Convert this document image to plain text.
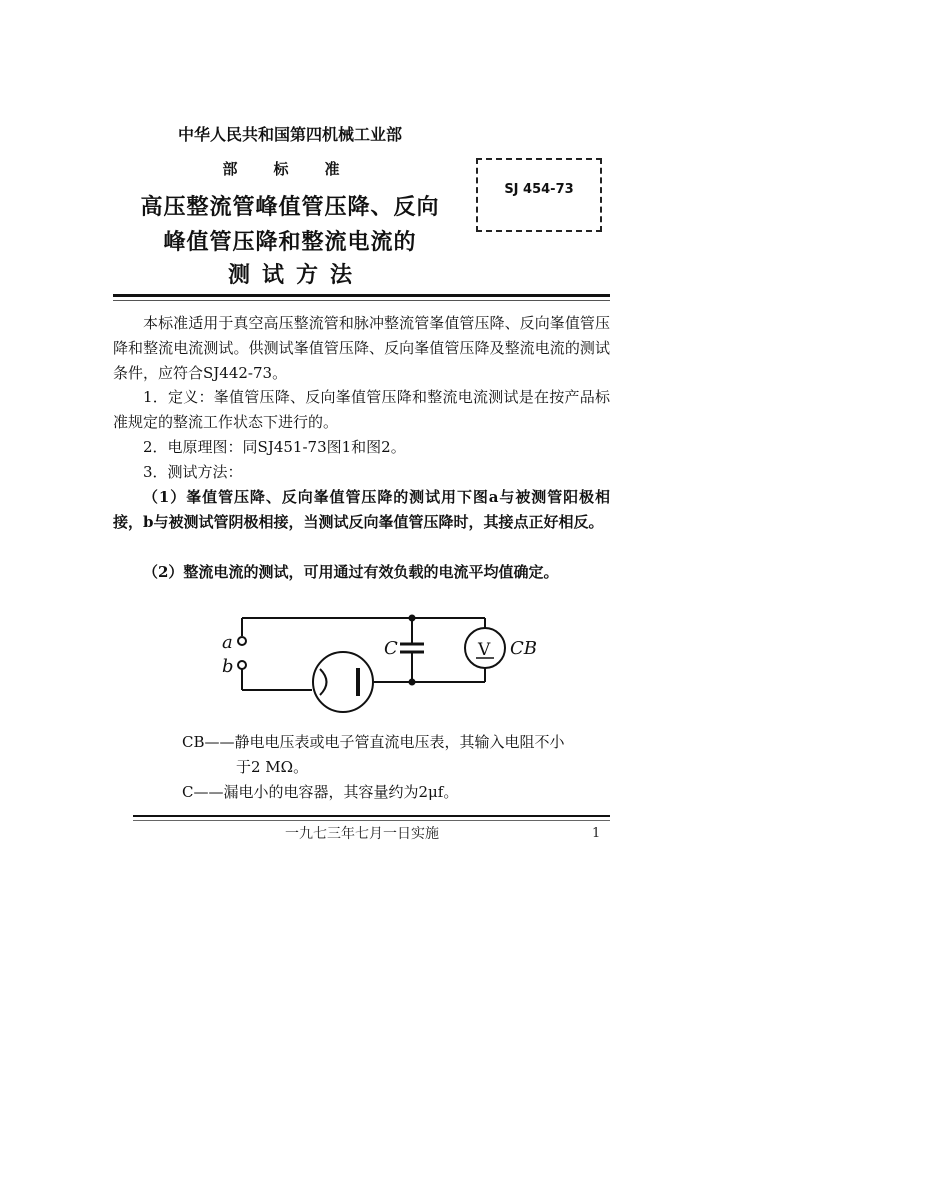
中华人民共和国第四机械工业部
部标准
高压整流管峰值管压降、反向
峰值管压降和整流电流的
测试方法
SJ 454-73
本标准适用于真空高压整流管和脉冲整流管峯值管压降、反向峯值管压降和整流电流测试。供测试峯值管压降、反向峯值管压降及整流电流的测试条件，应符合SJ442-73。
1．定义：峯值管压降、反向峯值管压降和整流电流测试是在按产品标准规定的整流工作状态下进行的。
2．电原理图：同SJ451-73图1和图2。
3．测试方法：
（1）峯值管压降、反向峯值管压降的测试用下图a与被测管阳极相接，b与被测试管阴极相接，当测试反向峯值管压降时，其接点正好相反。
（2）整流电流的测试，可用通过有效负载的电流平均值确定。
a
b
C	V CB
CB——静电电压表或电子管直流电压表，其输入电阻不小
于2 MΩ。
C——漏电小的电容器，其容量约为2μf。
一九七三年七月一日实施	1
